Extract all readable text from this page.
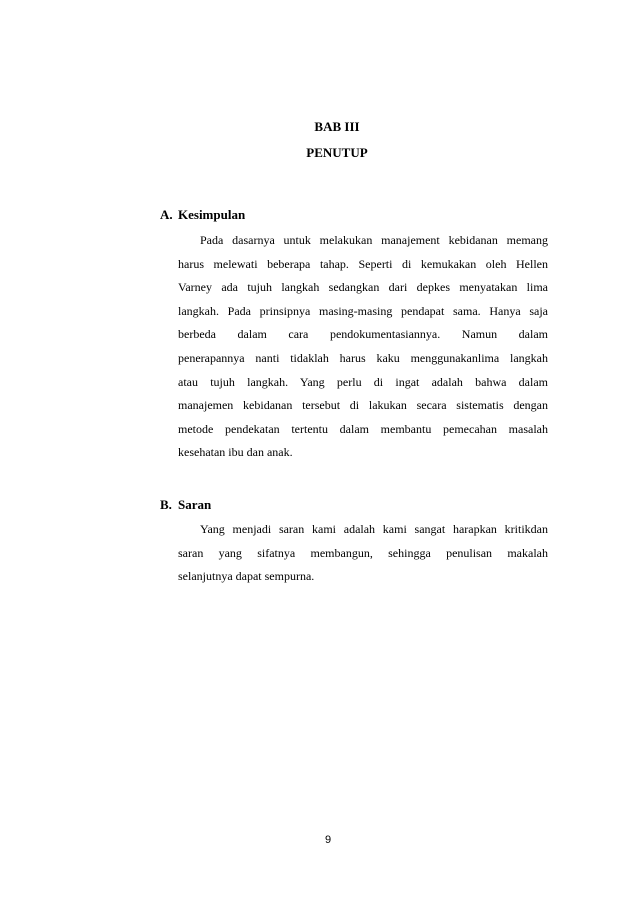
BAB III
PENUTUP
A. Kesimpulan
Pada dasarnya untuk melakukan manajement kebidanan memang
harus melewati beberapa tahap. Seperti di kemukakan oleh Hellen
Varney ada tujuh langkah sedangkan dari depkes menyatakan lima
langkah. Pada prinsipnya masing-masing pendapat sama. Hanya saja
berbeda dalam cara pendokumentasiannya. Namun dalam
penerapannya nanti tidaklah harus kaku menggunakanlima langkah
atau tujuh langkah. Yang perlu di ingat adalah bahwa dalam
manajemen kebidanan tersebut di lakukan secara sistematis dengan
metode pendekatan tertentu dalam membantu pemecahan masalah
kesehatan ibu dan anak.
B. Saran
Yang menjadi saran kami adalah kami sangat harapkan kritikdan
saran yang sifatnya membangun, sehingga penulisan makalah
selanjutnya dapat sempurna.
9
